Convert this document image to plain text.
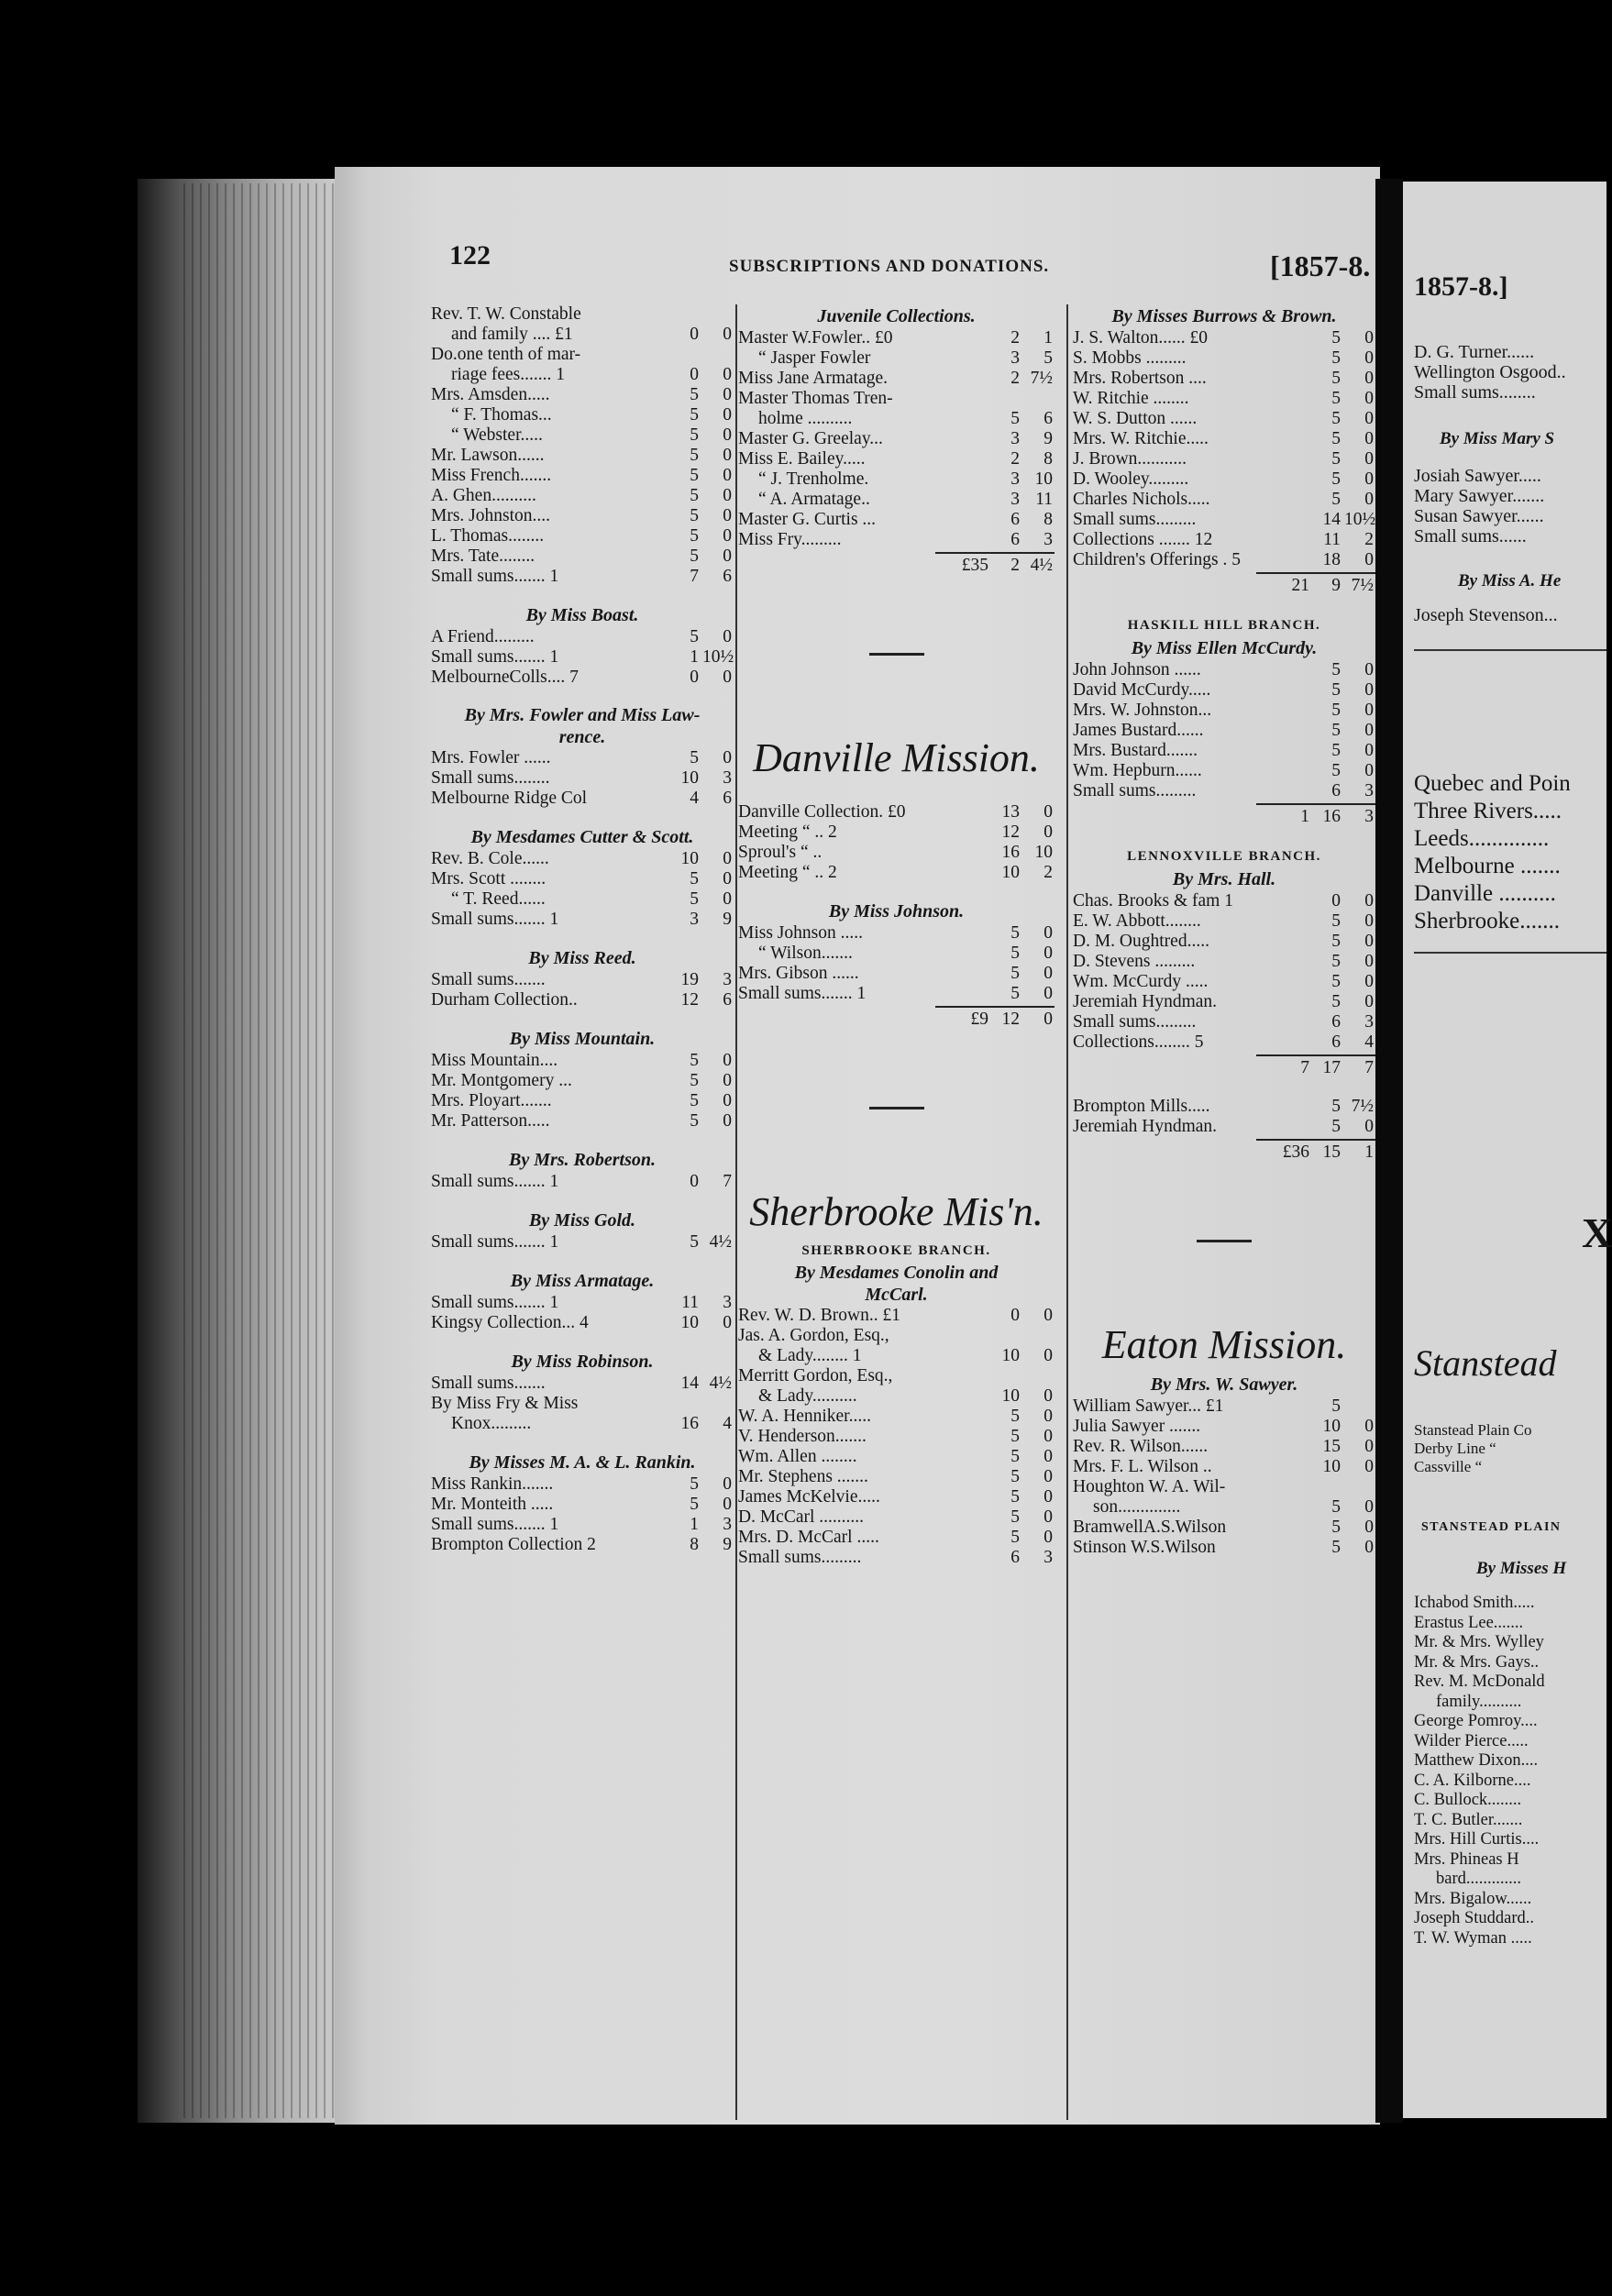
122	SUBSCRIPTIONS AND DONATIONS.	[1857-8.
Rev. T. W. Constable
and family .... £1	0	0
Do.one tenth of mar-
riage fees....... 1	0	0
Mrs. Amsden.....	5	0
“ F. Thomas...	5	0
“ Webster.....	5	0
Mr. Lawson......	5	0
Miss French.......	5	0
A. Ghen..........	5	0
Mrs. Johnston....	5	0
L. Thomas........	5	0
Mrs. Tate........	5	0
Small sums....... 1	7	6
By Miss Boast.
A Friend.........	5	0
Small sums....... 1	1 10½
MelbourneColls.... 7	0	0
By Mrs. Fowler and Miss Law-
rence.
Mrs. Fowler ......	5	0
Small sums........	10	3
Melbourne Ridge Col	4	6
By Mesdames Cutter & Scott.
Rev. B. Cole......	10	0
Mrs. Scott ........	5	0
“ T. Reed......	5	0
Small sums....... 1	3	9
By Miss Reed.
Small sums.......	19	3
Durham Collection..	12	6
By Miss Mountain.
Miss Mountain....	5	0
Mr. Montgomery ...	5	0
Mrs. Ployart.......	5	0
Mr. Patterson.....	5	0
By Mrs. Robertson.
Small sums....... 1	0	7
By Miss Gold.
Small sums....... 1	5 4½
By Miss Armatage.
Small sums....... 1	11	3
Kingsy Collection... 4	10	0
By Miss Robinson.
Small sums.......	14 4½
By Miss Fry & Miss
Knox.........	16	4
By Misses M. A. & L. Rankin.
Miss Rankin.......	5	0
Mr. Monteith .....	5	0
Small sums....... 1	1	3
Brompton Collection 2	8	9
Juvenile Collections.
Master W.Fowler.. £0	2	1
“ Jasper Fowler	3	5
Miss Jane Armatage.	2 7½
Master Thomas Tren-
holme ..........	5	6
Master G. Greelay...	3	9
Miss E. Bailey.....	2	8
“ J. Trenholme.	3 10
“ A. Armatage..	3 11
Master G. Curtis ...	6	8
Miss Fry.........	6	3
£35	2 4½
Danville Mission.
Danville Collection. £0	13	0
Meeting “ .. 2	12	0
Sproul's “ ..	16 10
Meeting “ .. 2	10	2
By Miss Johnson.
Miss Johnson .....	5	0
“ Wilson.......	5	0
Mrs. Gibson ......	5	0
Small sums....... 1	5	0
£9 12	0
Sherbrooke Mis'n.
SHERBROOKE BRANCH.
By Mesdames Conolin and
McCarl.
Rev. W. D. Brown.. £1	0	0
Jas. A. Gordon, Esq.,
& Lady........ 1	10	0
Merritt Gordon, Esq.,
& Lady..........	10	0
W. A. Henniker.....	5	0
V. Henderson.......	5	0
Wm. Allen ........	5	0
Mr. Stephens .......	5	0
James McKelvie.....	5	0
D. McCarl ..........	5	0
Mrs. D. McCarl .....	5	0
Small sums.........	6	3
By Misses Burrows & Brown.
J. S. Walton...... £0	5	0
S. Mobbs .........	5	0
Mrs. Robertson ....	5	0
W. Ritchie ........	5	0
W. S. Dutton ......	5	0
Mrs. W. Ritchie.....	5	0
J. Brown...........	5	0
D. Wooley.........	5	0
Charles Nichols.....	5	0
Small sums.........	14 10½
Collections ....... 12	11	2
Children's Offerings . 5	18	0
21	9 7½
HASKILL HILL BRANCH.
By Miss Ellen McCurdy.
John Johnson ......	5	0
David McCurdy.....	5	0
Mrs. W. Johnston...	5	0
James Bustard......	5	0
Mrs. Bustard.......	5	0
Wm. Hepburn......	5	0
Small sums.........	6	3
1 16	3
LENNOXVILLE BRANCH.
By Mrs. Hall.
Chas. Brooks & fam 1	0	0
E. W. Abbott........	5	0
D. M. Oughtred.....	5	0
D. Stevens .........	5	0
Wm. McCurdy .....	5	0
Jeremiah Hyndman.	5	0
Small sums.........	6	3
Collections........ 5	6	4
7 17	7
Brompton Mills.....	5 7½
Jeremiah Hyndman.	5	0
£36 15	1
Eaton Mission.
By Mrs. W. Sawyer.
William Sawyer... £1	5
Julia Sawyer .......	10	0
Rev. R. Wilson......	15	0
Mrs. F. L. Wilson ..	10	0
Houghton W. A. Wil-
son..............	5	0
BramwellA.S.Wilson	5	0
Stinson W.S.Wilson	5	0
1857-8.]
D. G. Turner......
Wellington Osgood..
Small sums........
By Miss Mary S
Josiah Sawyer.....
Mary Sawyer.......
Susan Sawyer......
Small sums......
By Miss A. He
Joseph Stevenson...
Quebec and Poin
Three Rivers.....
Leeds..............
Melbourne .......
Danville ..........
Sherbrooke.......
X
Stanstead
Stanstead Plain Co
Derby Line “
Cassville “
STANSTEAD PLAIN
By Misses H
Ichabod Smith.....
Erastus Lee.......
Mr. & Mrs. Wylley
Mr. & Mrs. Gays..
Rev. M. McDonald
family..........
George Pomroy....
Wilder Pierce.....
Matthew Dixon....
C. A. Kilborne....
C. Bullock........
T. C. Butler.......
Mrs. Hill Curtis....
Mrs. Phineas H
bard.............
Mrs. Bigalow......
Joseph Studdard..
T. W. Wyman .....
